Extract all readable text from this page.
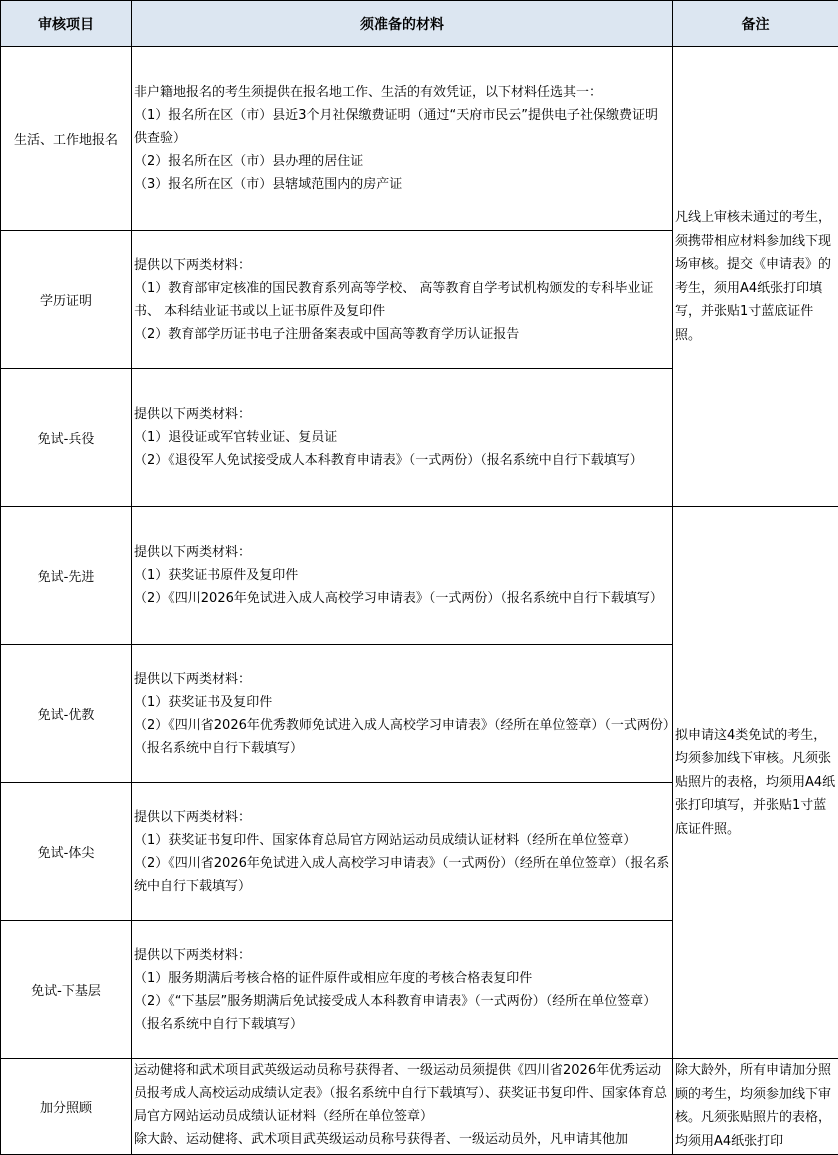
审核项目	须准备的材料	备注
生活、工作地报名	非户籍地报名的考生须提供在报名地工作、生活的有效凭证，以下材料任选其一：
（1）报名所在区（市）县近3个月社保缴费证明（通过“天府市民云”提供电子社保缴费证明供查验）
（2）报名所在区（市）县办理的居住证
（3）报名所在区（市）县辖域范围内的房产证	凡线上审核未通过的考生，须携带相应材料参加线下现场审核。提交《申请表》的考生，须用A4纸张打印填写，并张贴1寸蓝底证件照。

学历证明	提供以下两类材料：
（1）教育部审定核准的国民教育系列高等学校、 高等教育自学考试机构颁发的专科毕业证书、 本科结业证书或以上证书原件及复印件
（2）教育部学历证书电子注册备案表或中国高等教育学历认证报告	

免试-兵役	提供以下两类材料：
（1）退役证或军官转业证、复员证
（2）《退役军人免试接受成人本科教育申请表》（一式两份）（报名系统中自行下载填写）	

免试-先进	提供以下两类材料：
（1）获奖证书原件及复印件
（2）《四川2026年免试进入成人高校学习申请表》（一式两份）（报名系统中自行下载填写）	拟申请这4类免试的考生，均须参加线下审核。凡须张贴照片的表格，均须用A4纸张打印填写，并张贴1寸蓝底证件照。

免试-优教	提供以下两类材料：
（1）获奖证书及复印件
（2）《四川省2026年优秀教师免试进入成人高校学习申请表》（经所在单位签章）（一式两份）（报名系统中自行下载填写）	

免试-体尖	提供以下两类材料：
（1）获奖证书复印件、国家体育总局官方网站运动员成绩认证材料（经所在单位签章）
（2）《四川省2026年免试进入成人高校学习申请表》（一式两份）（经所在单位签章）（报名系统中自行下载填写）	

免试-下基层	提供以下两类材料：
（1）服务期满后考核合格的证件原件或相应年度的考核合格表复印件
（2）《“下基层”服务期满后免试接受成人本科教育申请表》（一式两份）（经所在单位签章）（报名系统中自行下载填写）	

加分照顾	运动健将和武术项目武英级运动员称号获得者、一级运动员须提供《四川省2026年优秀运动员报考成人高校运动成绩认定表》（报名系统中自行下载填写）、获奖证书复印件、国家体育总局官方网站运动员成绩认证材料（经所在单位签章）
除大龄、运动健将、武术项目武英级运动员称号获得者、一级运动员外，凡申请其他加	除大龄外，所有申请加分照顾的考生，均须参加线下审核。凡须张贴照片的表格，均须用A4纸张打印
